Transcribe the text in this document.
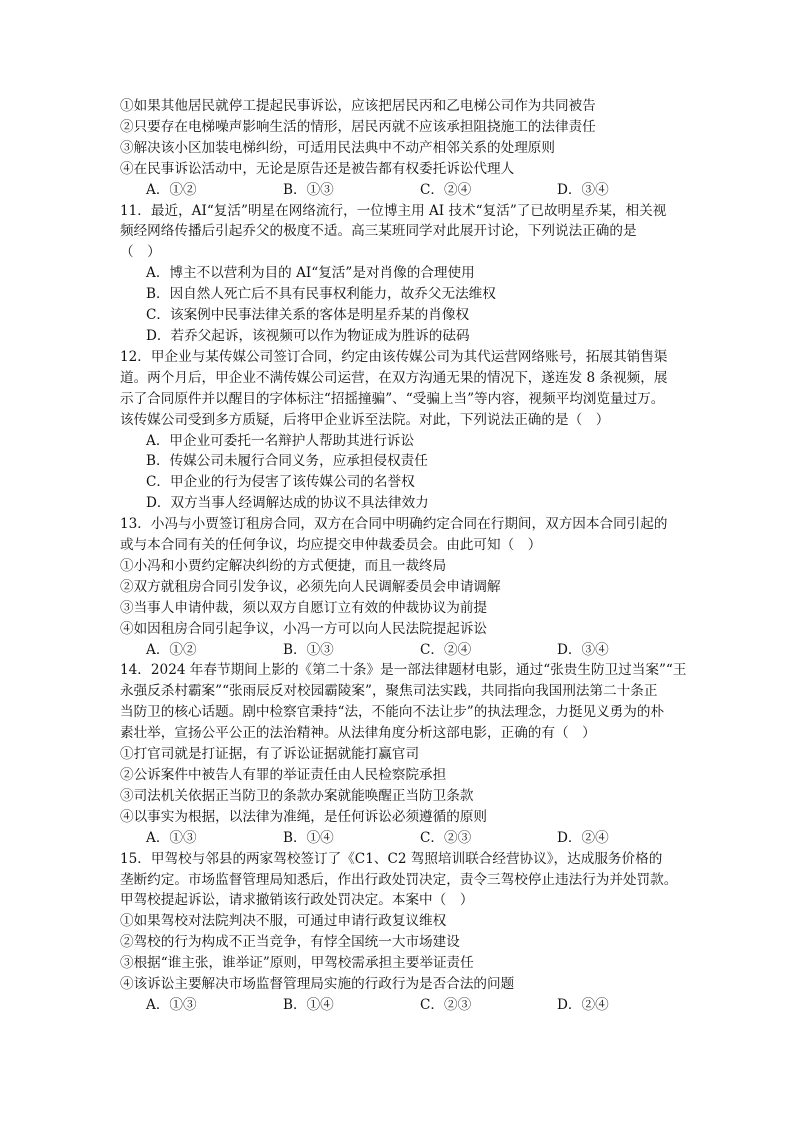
①如果其他居民就停工提起民事诉讼，应该把居民丙和乙电梯公司作为共同被告
②只要存在电梯噪声影响生活的情形，居民丙就不应该承担阻挠施工的法律责任
③解决该小区加装电梯纠纷，可适用民法典中不动产相邻关系的处理原则
④在民事诉讼活动中，无论是原告还是被告都有权委托诉讼代理人
A．①②	B．①③	C．②④	D．③④
11．最近，AI“复活”明星在网络流行，一位博主用 AI 技术“复活”了已故明星乔某，相关视
频经网络传播后引起乔父的极度不适。高三某班同学对此展开讨论，下列说法正确的是
（　）
A．博主不以营利为目的 AI“复活”是对肖像的合理使用
B．因自然人死亡后不具有民事权利能力，故乔父无法维权
C．该案例中民事法律关系的客体是明星乔某的肖像权
D．若乔父起诉，该视频可以作为物证成为胜诉的砝码
12．甲企业与某传媒公司签订合同，约定由该传媒公司为其代运营网络账号，拓展其销售渠
道。两个月后，甲企业不满传媒公司运营，在双方沟通无果的情况下，遂连发 8 条视频，展
示了合同原件并以醒目的字体标注“招摇撞骗”、“受骗上当”等内容，视频平均浏览量过万。
该传媒公司受到多方质疑，后将甲企业诉至法院。对此，下列说法正确的是（　）
A．甲企业可委托一名辩护人帮助其进行诉讼
B．传媒公司未履行合同义务，应承担侵权责任
C．甲企业的行为侵害了该传媒公司的名誉权
D．双方当事人经调解达成的协议不具法律效力
13．小冯与小贾签订租房合同，双方在合同中明确约定合同在行期间，双方因本合同引起的
或与本合同有关的任何争议，均应提交申仲裁委员会。由此可知（　）
①小冯和小贾约定解决纠纷的方式便捷，而且一裁终局
②双方就租房合同引发争议，必须先向人民调解委员会申请调解
③当事人申请仲裁，须以双方自愿订立有效的仲裁协议为前提
④如因租房合同引起争议，小冯一方可以向人民法院提起诉讼
A．①②	B．①③	C．②④	D．③④
14．2024 年春节期间上影的《第二十条》是一部法律题材电影，通过“张贵生防卫过当案”“王
永强反杀村霸案”“张雨辰反对校园霸陵案”，聚焦司法实践，共同指向我国刑法第二十条正
当防卫的核心话题。剧中检察官秉持“法，不能向不法让步”的执法理念，力挺见义勇为的朴
素壮举，宣扬公平公正的法治精神。从法律角度分析这部电影，正确的有（　）
①打官司就是打证据，有了诉讼证据就能打赢官司
②公诉案件中被告人有罪的举证责任由人民检察院承担
③司法机关依据正当防卫的条款办案就能唤醒正当防卫条款
④以事实为根据，以法律为准绳，是任何诉讼必须遵循的原则
A．①③	B．①④	C．②③	D．②④
15．甲驾校与邻县的两家驾校签订了《C1、C2 驾照培训联合经营协议》，达成服务价格的
垄断约定。市场监督管理局知悉后，作出行政处罚决定，责令三驾校停止违法行为并处罚款。
甲驾校提起诉讼，请求撤销该行政处罚决定。本案中（　）
①如果驾校对法院判决不服，可通过申请行政复议维权
②驾校的行为构成不正当竞争，有悖全国统一大市场建设
③根据“谁主张，谁举证”原则，甲驾校需承担主要举证责任
④该诉讼主要解决市场监督管理局实施的行政行为是否合法的问题
A．①③	B．①④	C．②③	D．②④
